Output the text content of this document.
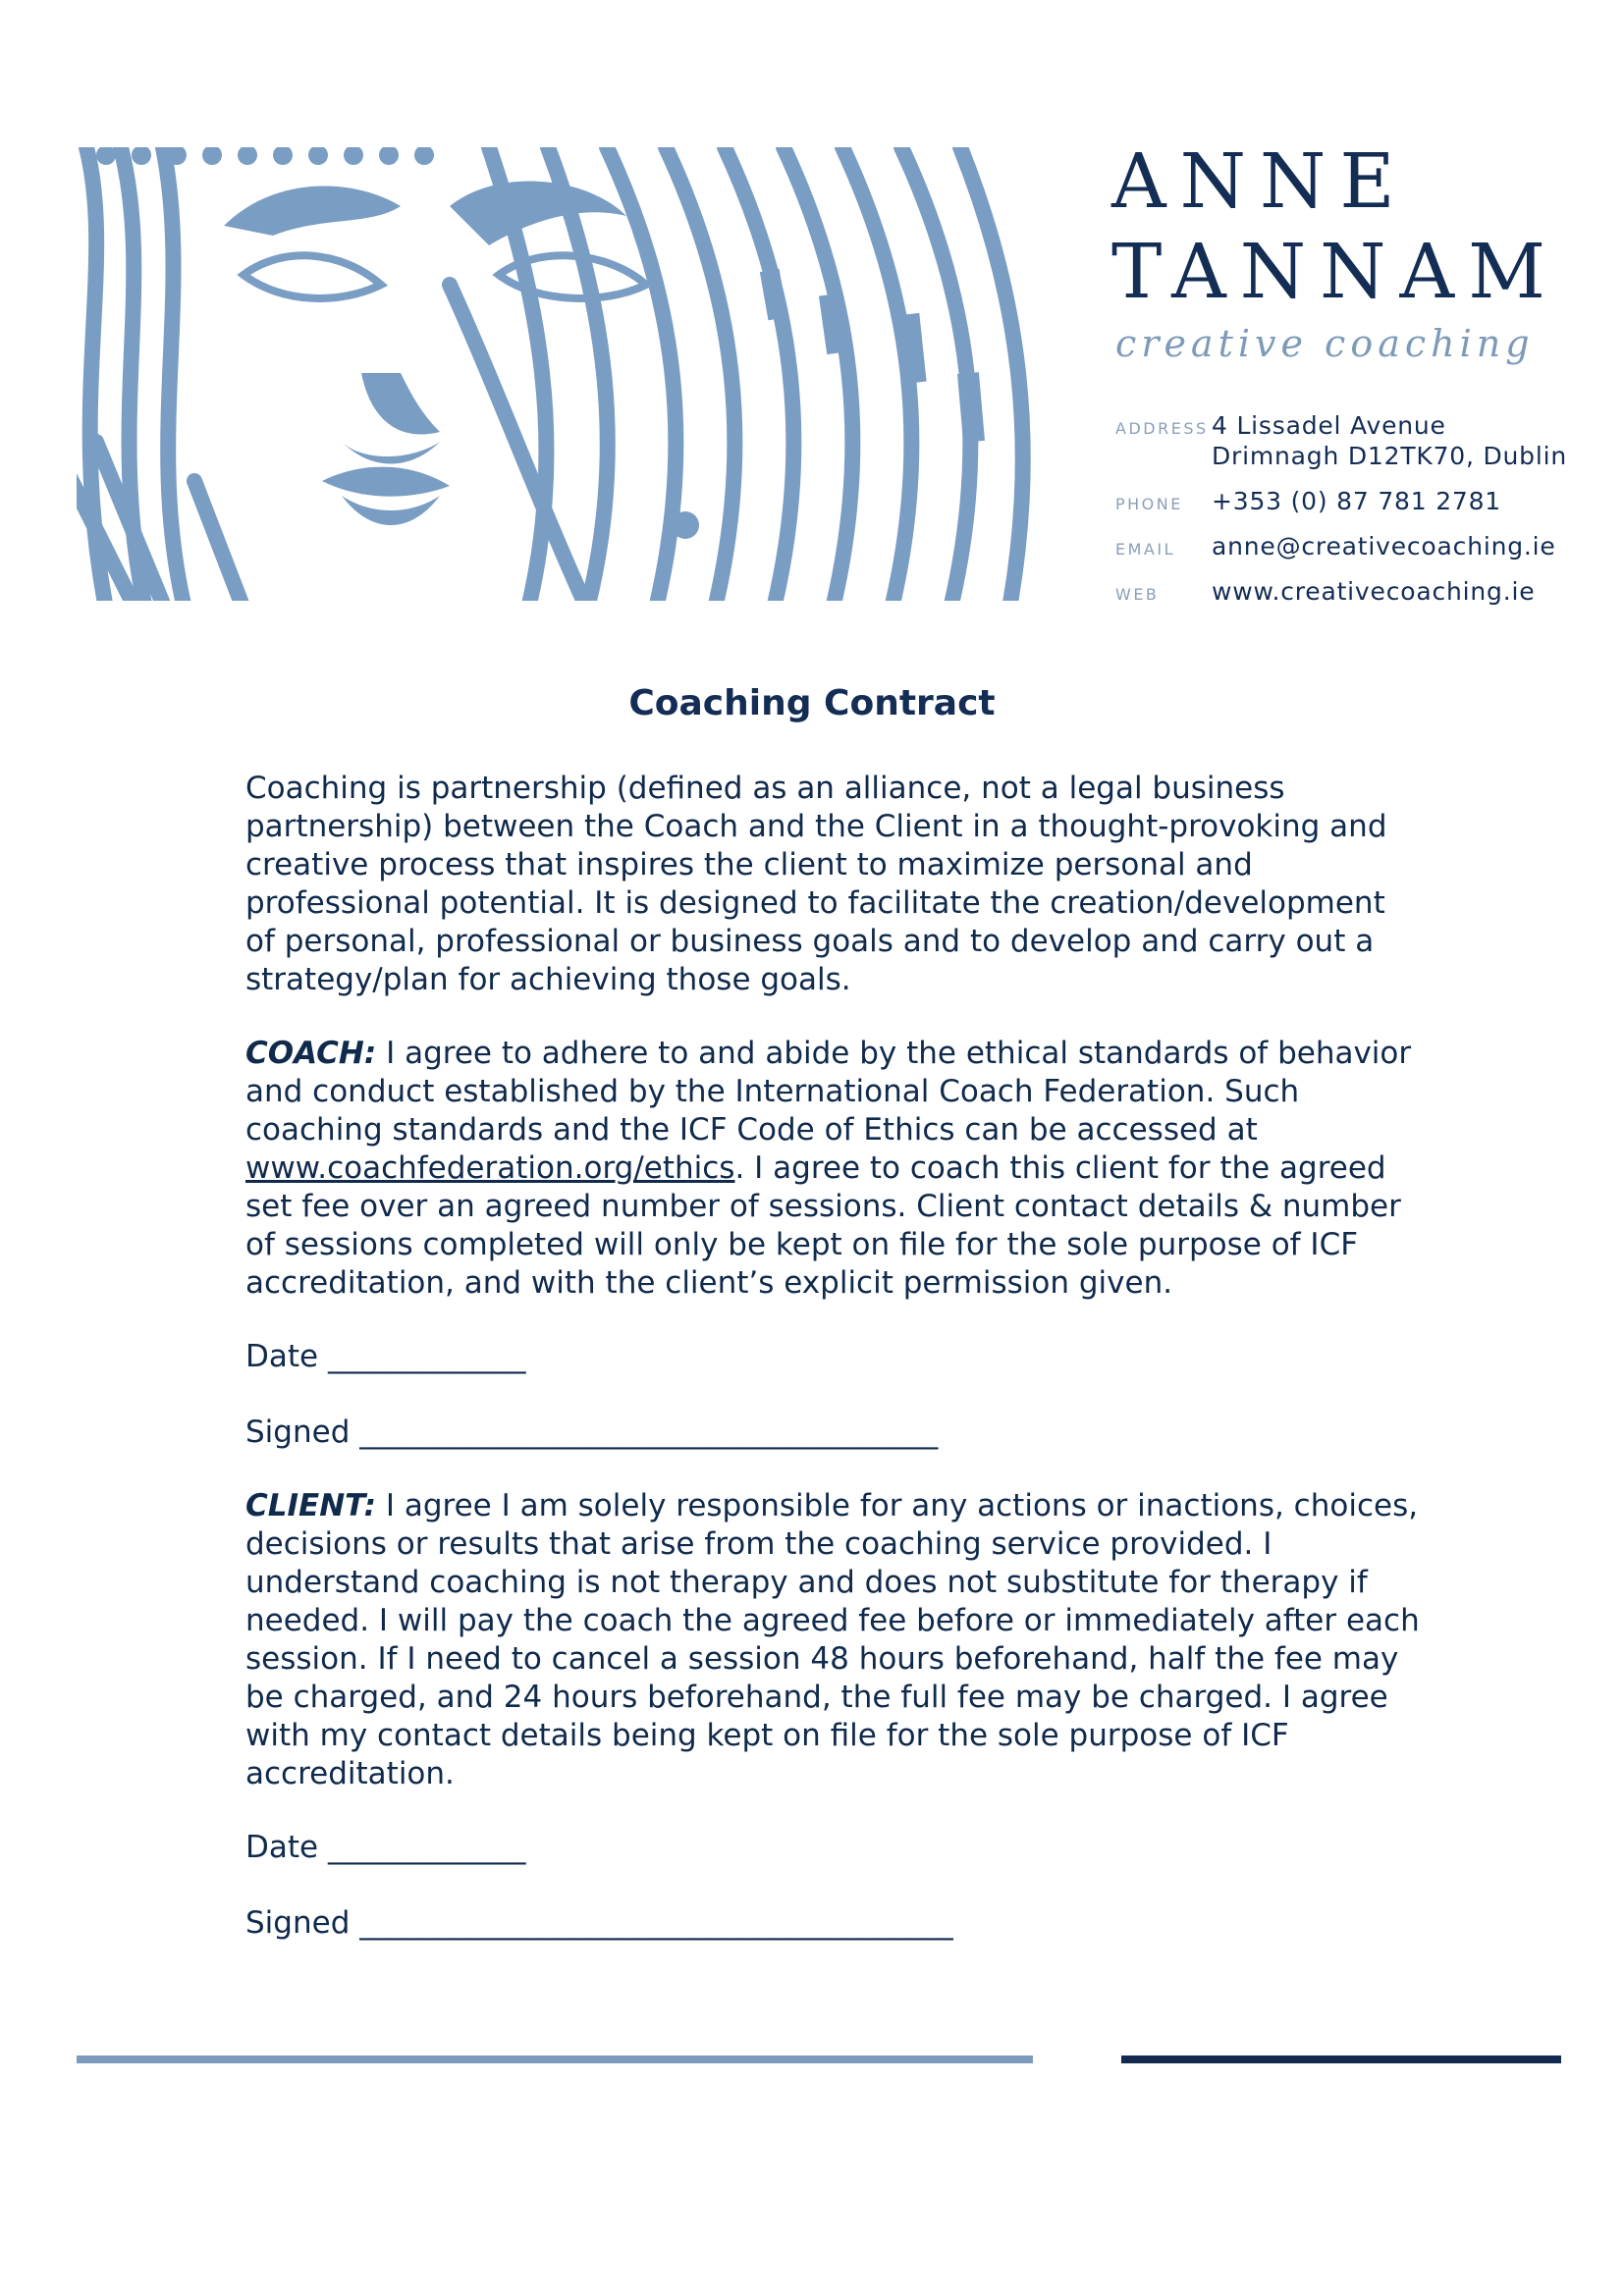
ANNE
TANNAM
creative coaching
ADDRESS 4 Lissadel Avenue
Drimnagh D12TK70, Dublin
PHONE +353 (0) 87 781 2781
EMAIL anne@creativecoaching.ie
WEB www.creativecoaching.ie
Coaching Contract

Coaching is partnership (defined as an alliance, not a legal business partnership) between the Coach and the Client in a thought-provoking and creative process that inspires the client to maximize personal and professional potential. It is designed to facilitate the creation/development of personal, professional or business goals and to develop and carry out a strategy/plan for achieving those goals.

COACH: I agree to adhere to and abide by the ethical standards of behavior and conduct established by the International Coach Federation. Such coaching standards and the ICF Code of Ethics can be accessed at www.coachfederation.org/ethics. I agree to coach this client for the agreed set fee over an agreed number of sessions. Client contact details & number of sessions completed will only be kept on file for the sole purpose of ICF accreditation, and with the client’s explicit permission given.

Date _____________

Signed ______________________________________

CLIENT: I agree I am solely responsible for any actions or inactions, choices, decisions or results that arise from the coaching service provided. I understand coaching is not therapy and does not substitute for therapy if needed. I will pay the coach the agreed fee before or immediately after each session. If I need to cancel a session 48 hours beforehand, half the fee may be charged, and 24 hours beforehand, the full fee may be charged. I agree with my contact details being kept on file for the sole purpose of ICF accreditation.

Date _____________

Signed _______________________________________
